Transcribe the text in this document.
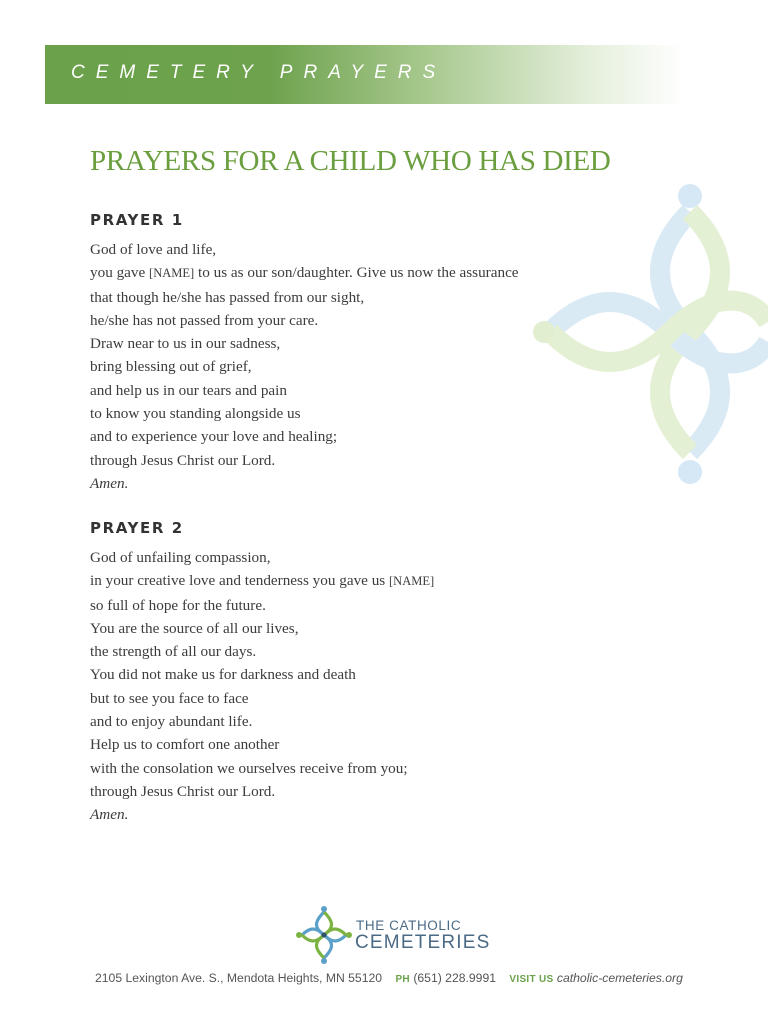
CEMETERY PRAYERS
PRAYERS FOR A CHILD WHO HAS DIED
PRAYER 1
God of love and life,
you gave [NAME] to us as our son/daughter. Give us now the assurance
that though he/she has passed from our sight,
he/she has not passed from your care.
Draw near to us in our sadness,
bring blessing out of grief,
and help us in our tears and pain
to know you standing alongside us
and to experience your love and healing;
through Jesus Christ our Lord.
Amen.
PRAYER 2
God of unfailing compassion,
in your creative love and tenderness you gave us [NAME]
so full of hope for the future.
You are the source of all our lives,
the strength of all our days.
You did not make us for darkness and death
but to see you face to face
and to enjoy abundant life.
Help us to comfort one another
with the consolation we ourselves receive from you;
through Jesus Christ our Lord.
Amen.
THE CATHOLIC
CEMETERIES
2105 Lexington Ave. S., Mendota Heights, MN 55120 PH (651) 228.9991 VISIT US catholic-cemeteries.org
